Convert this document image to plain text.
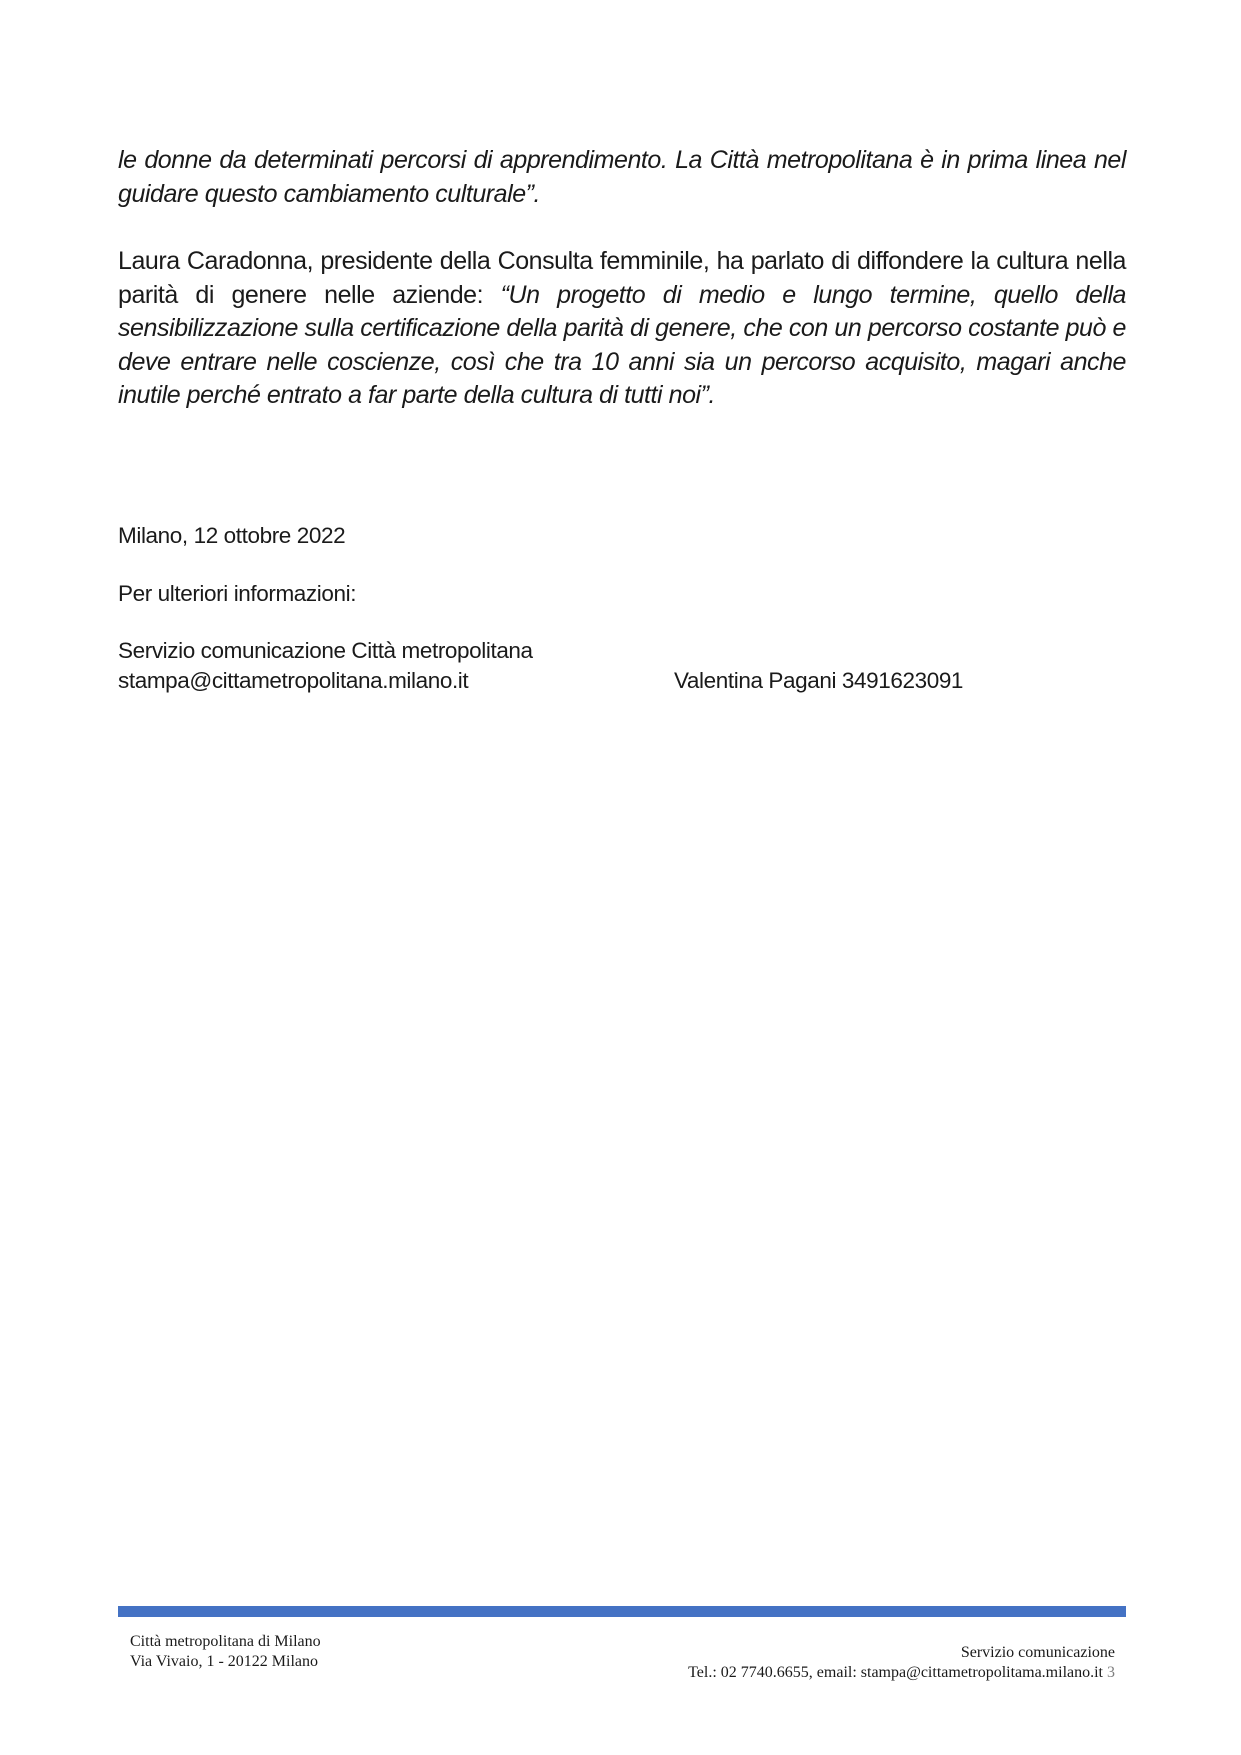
le donne da determinati percorsi di apprendimento. La Città metropolitana è in prima linea nel guidare questo cambiamento culturale”.

Laura Caradonna, presidente della Consulta femminile, ha parlato di diffondere la cultura nella parità di genere nelle aziende: “Un progetto di medio e lungo termine, quello della sensibilizzazione sulla certificazione della parità di genere, che con un percorso costante può e deve entrare nelle coscienze, così che tra 10 anni sia un percorso acquisito, magari anche inutile perché entrato a far parte della cultura di tutti noi”.

Milano, 12 ottobre 2022
Per ulteriori informazioni:
Servizio comunicazione Città metropolitana
stampa@cittametropolitana.milano.it	Valentina Pagani 3491623091
Città metropolitana di Milano
Via Vivaio, 1 - 20122 Milano
Servizio comunicazione
Tel.: 02 7740.6655, email: stampa@cittametropolitama.milano.it 3
